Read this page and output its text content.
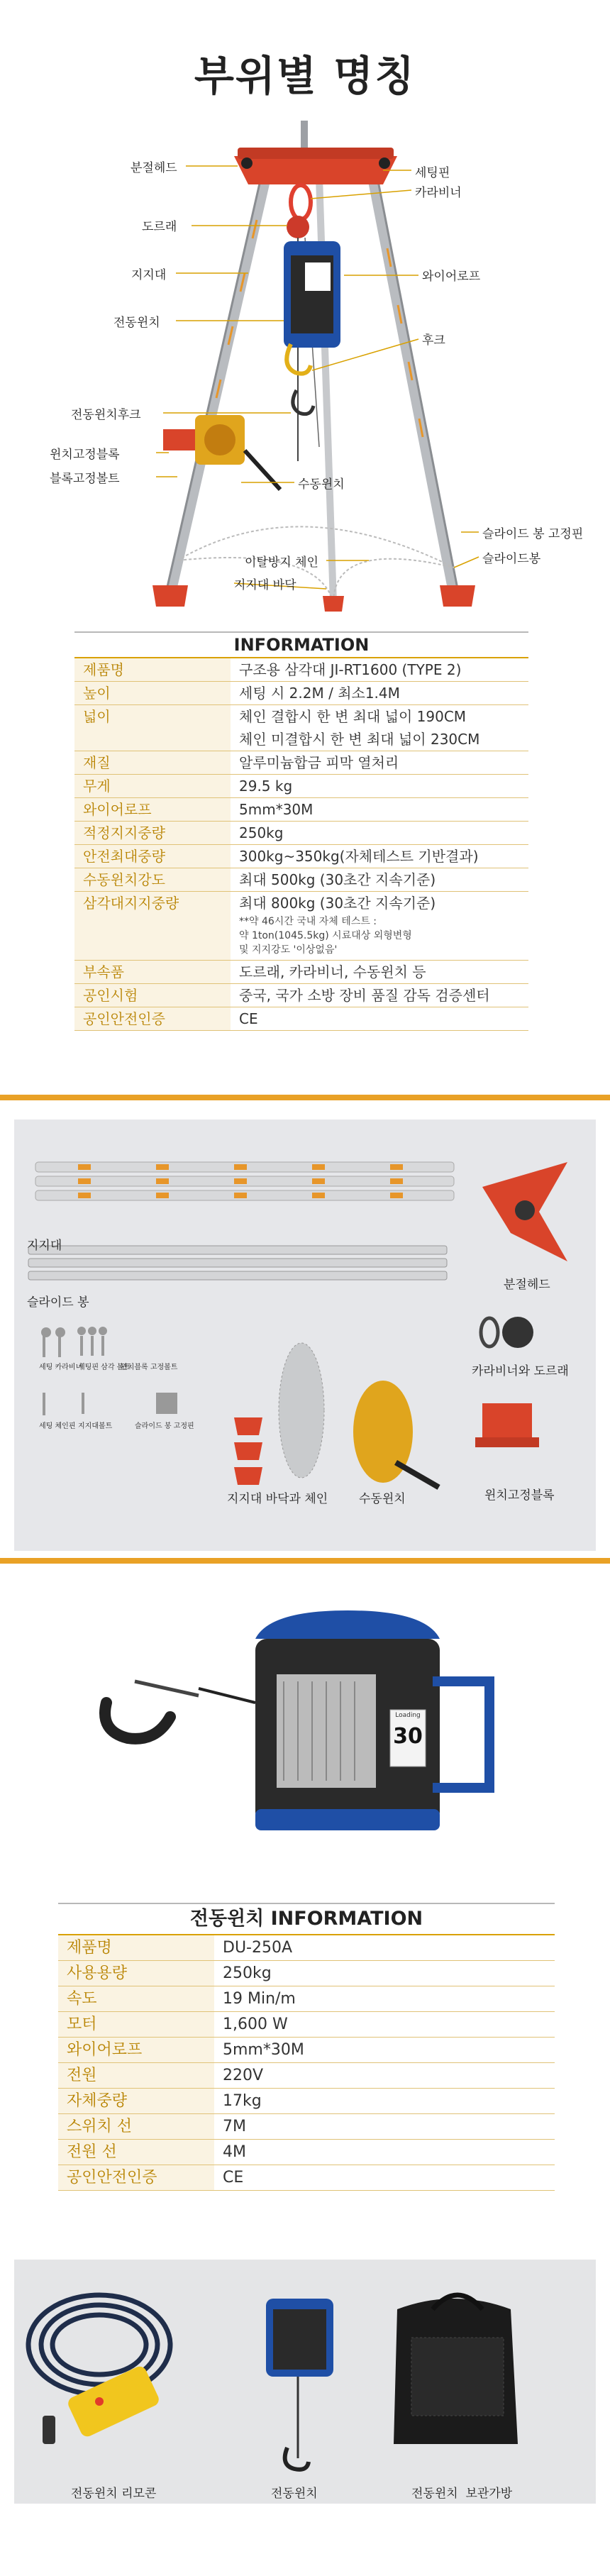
부위별 명칭
분절헤드	세팅핀
카라비너
도르래
와이어로프
지지대
전동윈치
후크
전동윈치후크
윈치고정블록
블록고정볼트	수동윈치
슬라이드 봉 고정핀
슬라이드봉
이탈방지 체인
지지대 바닥
INFORMATION
제품명	구조용 삼각대 JI-RT1600 (TYPE 2)
높이	세팅 시 2.2M / 최소1.4M
넓이	체인 결합시 한 변 최대 넓이 190CM
체인 미결합시 한 변 최대 넓이 230CM
재질	알루미늄합금 피막 열처리
무게	29.5 kg
와이어로프	5mm*30M
적정지지중량	250kg
안전최대중량	300kg~350kg(자체테스트 기반결과)
수동윈치강도	최대 500kg (30초간 지속기준)
삼각대지지중량	최대 800kg (30초간 지속기준)
**약 46시간 국내 자체 테스트 :
약 1ton(1045.5kg) 시료대상 외형변형
및 지지강도 '이상없음'
부속품	도르래, 카라비너, 수동윈치 등
공인시험	중국, 국가 소방 장비 품질 감독 검증센터
공인안전인증	CE
지지대
슬라이드 봉
분절헤드
카라비너와 도르래
지지대 바닥과 체인	수동윈치	윈치고정블록
세팅 카라비너
세팅핀 삼각 볼트
윈치블록 고정볼트
세팅 체인핀 지지대볼트	슬라이드 봉 고정핀
Loading
30
전동윈치 INFORMATION
제품명	DU-250A
사용용량	250kg
속도	19 Min/m
모터	1,600 W
와이어로프	5mm*30M
전원	220V
자체중량	17kg
스위치 선	7M
전원 선	4M
공인안전인증	CE
전동윈치 리모콘	전동윈치	전동윈치  보관가방
